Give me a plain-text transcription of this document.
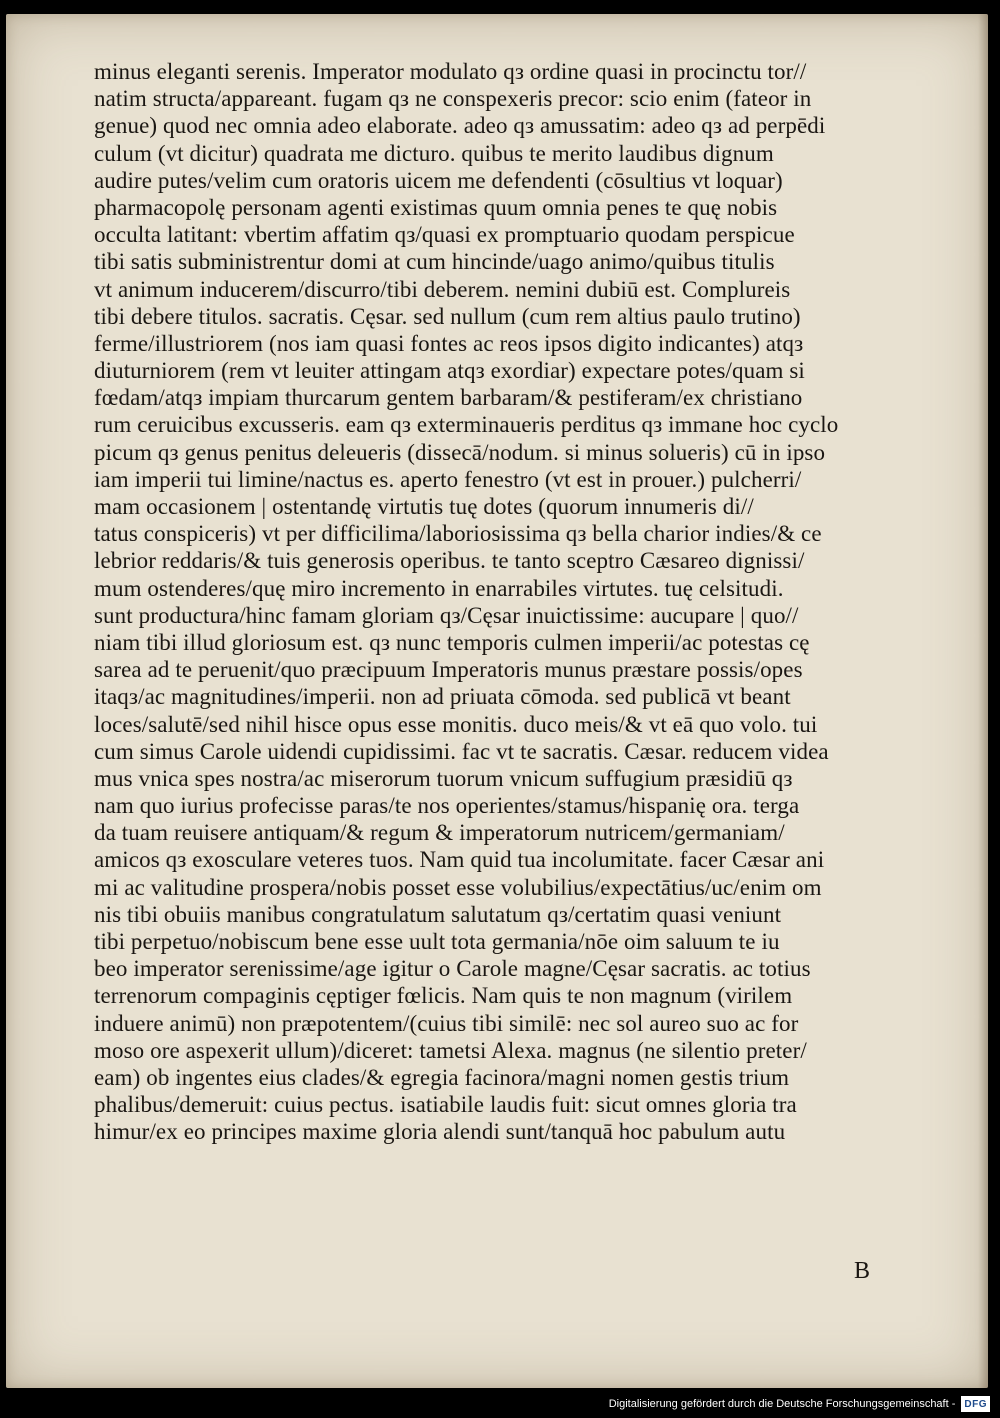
minus eleganti serenis. Imperator modulato qз ordine quasi in procinctu tor//
natim structa/appareant. fugam qз ne conspexeris precor: scio enim (fateor in
genue) quod nec omnia adeo elaborate. adeo qз amussatim: adeo qз ad perpēdi
culum (vt dicitur) quadrata me dicturo. quibus te merito laudibus dignum
audire putes/velim cum oratoris uicem me defendenti (cōsultius vt loquar)
pharmacopolę personam agenti existimas quum omnia penes te quę nobis
occulta latitant: vbertim affatim qз/quasi ex promptuario quodam perspicue
tibi satis subministrentur domi at cum hincinde/uago animo/quibus titulis
vt animum inducerem/discurro/tibi deberem. nemini dubiū est. Complureis
tibi debere titulos. sacratis. Cęsar. sed nullum (cum rem altius paulo trutino)
ferme/illustriorem (nos iam quasi fontes ac reos ipsos digito indicantes) atqз
diuturniorem (rem vt leuiter attingam atqз exordiar) expectare potes/quam si
fœdam/atqз impiam thurcarum gentem barbaram/& pestiferam/ex christiano
rum ceruicibus excusseris. eam qз exterminaueris perditus qз immane hoc cyclo
picum qз genus penitus deleueris (dissecā/nodum. si minus solueris) cū in ipso
iam imperii tui limine/nactus es. aperto fenestro (vt est in prouer.) pulcherri/
mam occasionem | ostentandę virtutis tuę dotes (quorum innumeris di//
tatus conspiceris) vt per difficilima/laboriosissima qз bella charior indies/& ce
lebrior reddaris/& tuis generosis operibus. te tanto sceptro Cæsareo dignissi/
mum ostenderes/quę miro incremento in enarrabiles virtutes. tuę celsitudi.
sunt productura/hinc famam gloriam qз/Cęsar inuictissime: aucupare | quo//
niam tibi illud gloriosum est. qз nunc temporis culmen imperii/ac potestas cę
sarea ad te peruenit/quo præcipuum Imperatoris munus præstare possis/opes
itaqз/ac magnitudines/imperii. non ad priuata cōmoda. sed publicā vt beant
loces/salutē/sed nihil hisce opus esse monitis. duco meis/& vt eā quo volo. tui
cum simus Carole uidendi cupidissimi. fac vt te sacratis. Cæsar. reducem videa
mus vnica spes nostra/ac miserorum tuorum vnicum suffugium præsidiū qз
nam quo iurius profecisse paras/te nos operientes/stamus/hispanię ora. terga
da tuam reuisere antiquam/& regum & imperatorum nutricem/germaniam/
amicos qз exosculare veteres tuos. Nam quid tua incolumitate. facer Cæsar ani
mi ac valitudine prospera/nobis posset esse volubilius/expectātius/uc/enim om
nis tibi obuiis manibus congratulatum salutatum qз/certatim quasi veniunt
tibi perpetuo/nobiscum bene esse uult tota germania/nōe oim saluum te iu
beo imperator serenissime/age igitur o Carole magne/Cęsar sacratis. ac totius
terrenorum compaginis cęptiger fœlicis. Nam quis te non magnum (virilem
induere animū) non præpotentem/(cuius tibi similē: nec sol aureo suo ac for
moso ore aspexerit ullum)/diceret: tametsi Alexa. magnus (ne silentio preter/
eam) ob ingentes eius clades/& egregia facinora/magni nomen gestis trium
phalibus/demeruit: cuius pectus. isatiabile laudis fuit: sicut omnes gloria tra
himur/ex eo principes maxime gloria alendi sunt/tanquā hoc pabulum autu
B
Digitalisierung gefördert durch die Deutsche Forschungsgemeinschaft - DFG
